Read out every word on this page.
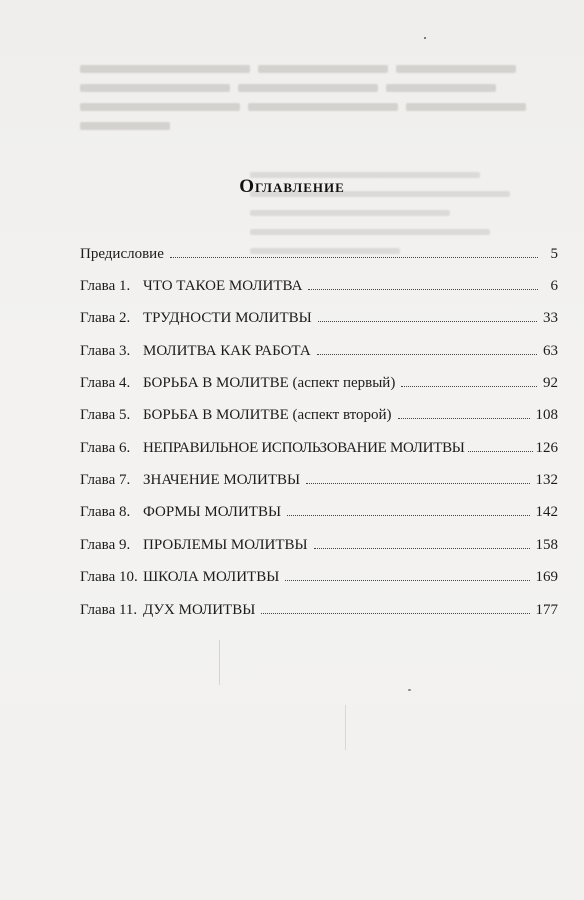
Оглавление
Предисловие	5
Глава 1. ЧТО ТАКОЕ МОЛИТВА	6
Глава 2. ТРУДНОСТИ МОЛИТВЫ	33
Глава 3. МОЛИТВА КАК РАБОТА	63
Глава 4. БОРЬБА В МОЛИТВЕ (аспект первый)	92
Глава 5. БОРЬБА В МОЛИТВЕ (аспект второй)	108
Глава 6. НЕПРАВИЛЬНОЕ ИСПОЛЬЗОВАНИЕ МОЛИТВЫ	126
Глава 7. ЗНАЧЕНИЕ МОЛИТВЫ	132
Глава 8. ФОРМЫ МОЛИТВЫ	142
Глава 9. ПРОБЛЕМЫ МОЛИТВЫ	158
Глава 10. ШКОЛА МОЛИТВЫ	169
Глава 11. ДУХ МОЛИТВЫ	177
